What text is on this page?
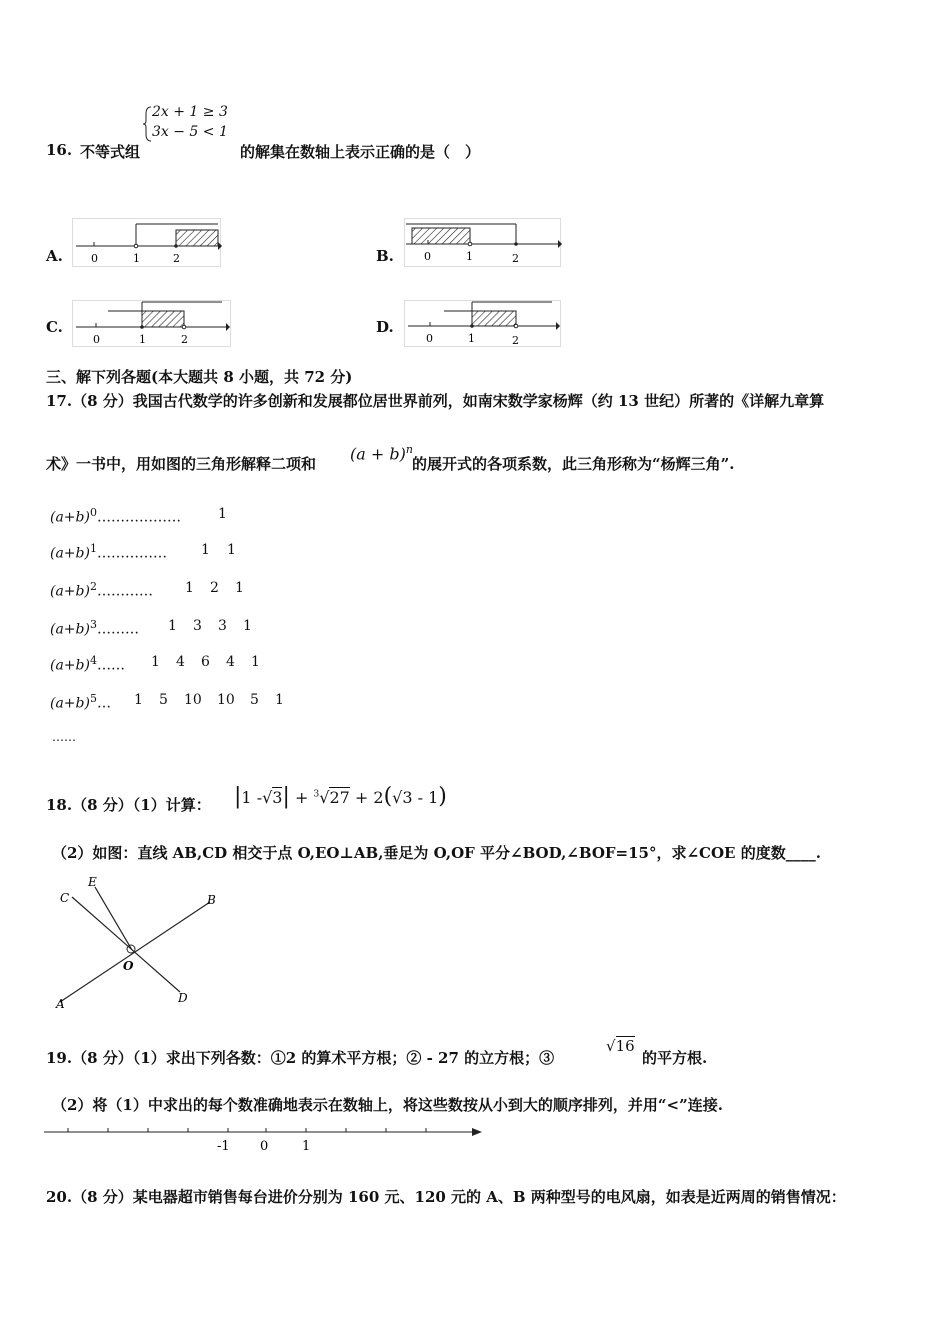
2x + 1 ≥ 3
3x − 5 < 1
16. 不等式组	的解集在数轴上表示正确的是（　）
A.	0	1	2	B.	0	1	2
C.
0	1	2
D.
0	1	2
三、解下列各题(本大题共 8 小题，共 72 分)
17.（8 分）我国古代数学的许多创新和发展都位居世界前列，如南宋数学家杨辉（约 13 世纪）所著的《详解九章算
术》一书中，用如图的三角形解释二项和
$(a + b)^n$
的展开式的各项系数，此三角形称为“杨辉三角”.
$(a+b)^0\dots\dots\dots\dots\dots\dots$	1
$(a+b)^1\dots\dots\dots\dots\dots$ 1 1
$(a+b)^2\dots\dots\dots\dots$ 1 2 1
$(a+b)^3\dots\dots\dots$ 1 3 3 1
$(a+b)^4\dots\dots$ 1 4 6 4 1
$(a+b)^5\dots$ 1 5 10 10 5 1
……
18.（8 分）（1）计算： |1 -√3| + $^3$√27 + 2(√3 - 1)
（2）如图：直线 AB,CD 相交于点 O,EO⊥AB,垂足为 O,OF 平分∠BOD,∠BOF=15°，求∠COE 的度数____.
C
E
B
O
A	D
19.（8 分）（1）求出下列各数：①2 的算术平方根；② - 27 的立方根；③
√16
的平方根.
（2）将（1）中求出的每个数准确地表示在数轴上，将这些数按从小到大的顺序排列，并用“<”连接.
-1 0	1
20.（8 分）某电器超市销售每台进价分别为 160 元、120 元的 A、B 两种型号的电风扇，如表是近两周的销售情况：
